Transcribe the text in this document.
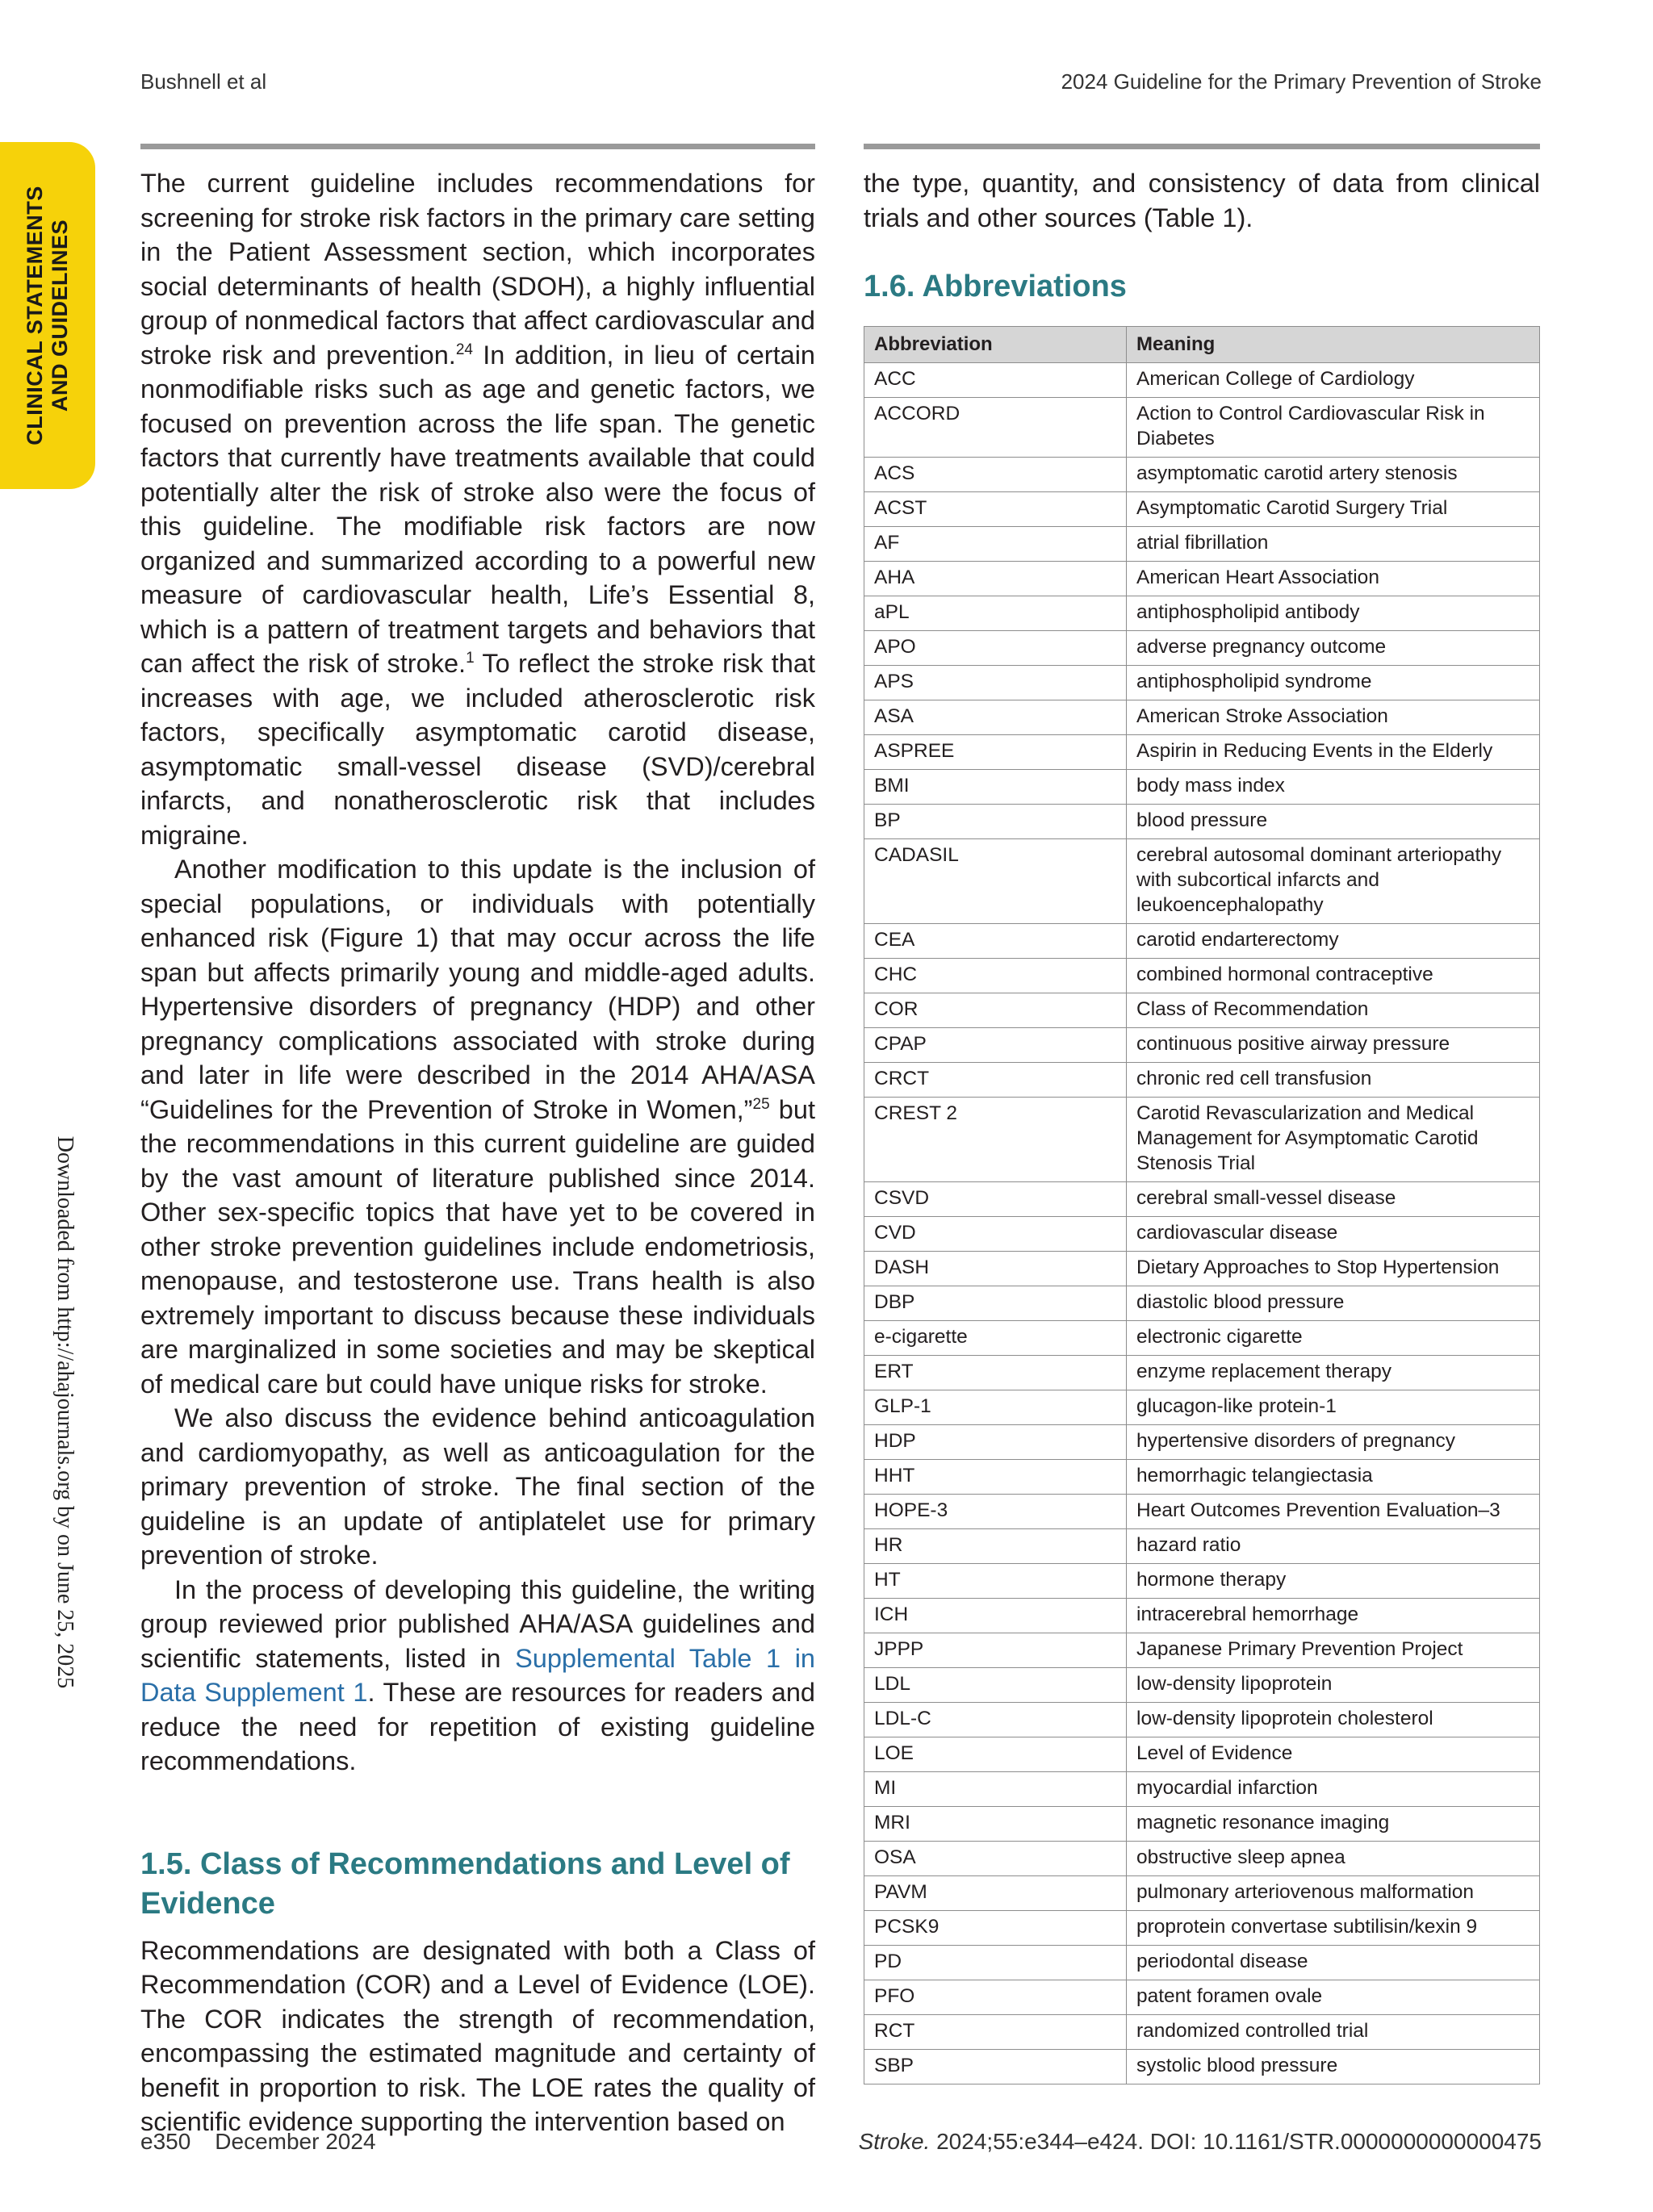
Bushnell et al	2024 Guideline for the Primary Prevention of Stroke
CLINICAL STATEMENTS AND GUIDELINES
Downloaded from http://ahajournals.org by on June 25, 2025

The current guideline includes recommendations for screening for stroke risk factors in the primary care setting in the Patient Assessment section, which incorporates social determinants of health (SDOH), a highly influential group of nonmedical factors that affect cardiovascular and stroke risk and prevention.$^{24}$ In addition, in lieu of certain nonmodifiable risks such as age and genetic factors, we focused on prevention across the life span. The genetic factors that currently have treatments available that could potentially alter the risk of stroke also were the focus of this guideline. The modifiable risk factors are now organized and summarized according to a powerful new measure of cardiovascular health, Life’s Essential 8, which is a pattern of treatment targets and behaviors that can affect the risk of stroke.$^1$ To reflect the stroke risk that increases with age, we included atherosclerotic risk factors, specifically asymptomatic carotid disease, asymptomatic small-vessel disease (SVD)/cerebral infarcts, and nonatherosclerotic risk that includes migraine.

Another modification to this update is the inclusion of special populations, or individuals with potentially enhanced risk (Figure 1) that may occur across the life span but affects primarily young and middle-aged adults. Hypertensive disorders of pregnancy (HDP) and other pregnancy complications associated with stroke during and later in life were described in the 2014 AHA/ASA “Guidelines for the Prevention of Stroke in Women,”$^{25}$ but the recommendations in this current guideline are guided by the vast amount of literature published since 2014. Other sex-specific topics that have yet to be covered in other stroke prevention guidelines include endometriosis, menopause, and testosterone use. Trans health is also extremely important to discuss because these individuals are marginalized in some societies and may be skeptical of medical care but could have unique risks for stroke.

We also discuss the evidence behind anticoagulation and cardiomyopathy, as well as anticoagulation for the primary prevention of stroke. The final section of the guideline is an update of antiplatelet use for primary prevention of stroke.

In the process of developing this guideline, the writing group reviewed prior published AHA/ASA guidelines and scientific statements, listed in Supplemental Table 1 in Data Supplement 1. These are resources for readers and reduce the need for repetition of existing guideline recommendations.

1.5. Class of Recommendations and Level of Evidence

Recommendations are designated with both a Class of Recommendation (COR) and a Level of Evidence (LOE). The COR indicates the strength of recommendation, encompassing the estimated magnitude and certainty of benefit in proportion to risk. The LOE rates the quality of scientific evidence supporting the intervention based on

the type, quantity, and consistency of data from clinical trials and other sources (Table 1).

1.6. Abbreviations
Abbreviation	Meaning
ACC	American College of Cardiology
ACCORD	Action to Control Cardiovascular Risk in Diabetes
ACS	asymptomatic carotid artery stenosis
ACST	Asymptomatic Carotid Surgery Trial
AF	atrial fibrillation
AHA	American Heart Association
aPL	antiphospholipid antibody
APO	adverse pregnancy outcome
APS	antiphospholipid syndrome
ASA	American Stroke Association
ASPREE	Aspirin in Reducing Events in the Elderly
BMI	body mass index
BP	blood pressure
CADASIL	cerebral autosomal dominant arteriopathy with subcortical infarcts and leukoencephalopathy
CEA	carotid endarterectomy
CHC	combined hormonal contraceptive
COR	Class of Recommendation
CPAP	continuous positive airway pressure
CRCT	chronic red cell transfusion
CREST 2	Carotid Revascularization and Medical Management for Asymptomatic Carotid Stenosis Trial
CSVD	cerebral small-vessel disease
CVD	cardiovascular disease
DASH	Dietary Approaches to Stop Hypertension
DBP	diastolic blood pressure
e-cigarette	electronic cigarette
ERT	enzyme replacement therapy
GLP-1	glucagon-like protein-1
HDP	hypertensive disorders of pregnancy
HHT	hemorrhagic telangiectasia
HOPE-3	Heart Outcomes Prevention Evaluation–3
HR	hazard ratio
HT	hormone therapy
ICH	intracerebral hemorrhage
JPPP	Japanese Primary Prevention Project
LDL	low-density lipoprotein
LDL-C	low-density lipoprotein cholesterol
LOE	Level of Evidence
MI	myocardial infarction
MRI	magnetic resonance imaging
OSA	obstructive sleep apnea
PAVM	pulmonary arteriovenous malformation
PCSK9	proprotein convertase subtilisin/kexin 9
PD	periodontal disease
PFO	patent foramen ovale
RCT	randomized controlled trial
SBP	systolic blood pressure
e350 December 2024	Stroke. 2024;55:e344–e424. DOI: 10.1161/STR.0000000000000475
